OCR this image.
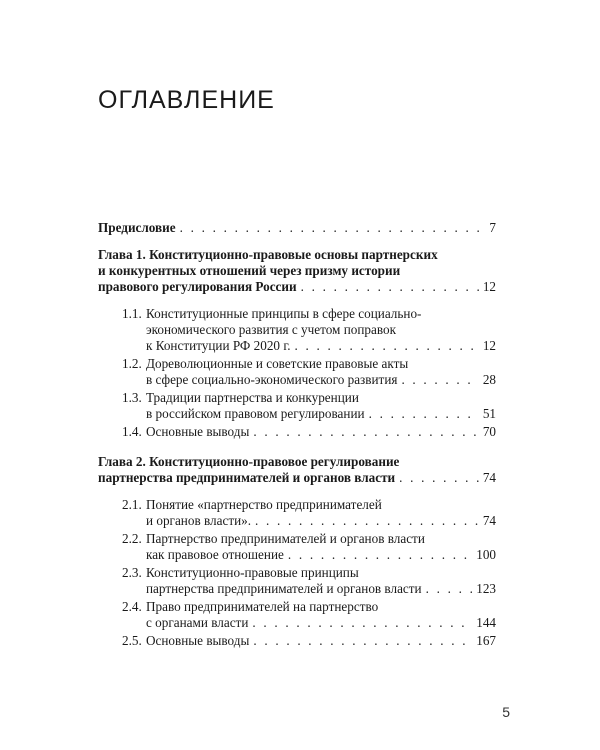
ОГЛАВЛЕНИЕ
Предисловие . . .	7
Глава 1. Конституционно-правовые основы партнерских
и конкурентных отношений через призму истории
правового регулирования России . . .	12
1.1. Конституционные принципы в сфере социально-
экономического развития с учетом поправок
к Конституции РФ 2020 г. . . .	12
1.2. Дореволюционные и советские правовые акты
в сфере социально-экономического развития . . .	28
1.3. Традиции партнерства и конкуренции
в российском правовом регулировании . . .	51
1.4. Основные выводы . . .	70
Глава 2. Конституционно-правовое регулирование
партнерства предпринимателей и органов власти . . .	74
2.1. Понятие «партнерство предпринимателей
и органов власти». . . .	74
2.2. Партнерство предпринимателей и органов власти
как правовое отношение . . .	100
2.3. Конституционно-правовые принципы
партнерства предпринимателей и органов власти . . .	123
2.4. Право предпринимателей на партнерство
с органами власти . . .	144
2.5. Основные выводы . . .	167
5
